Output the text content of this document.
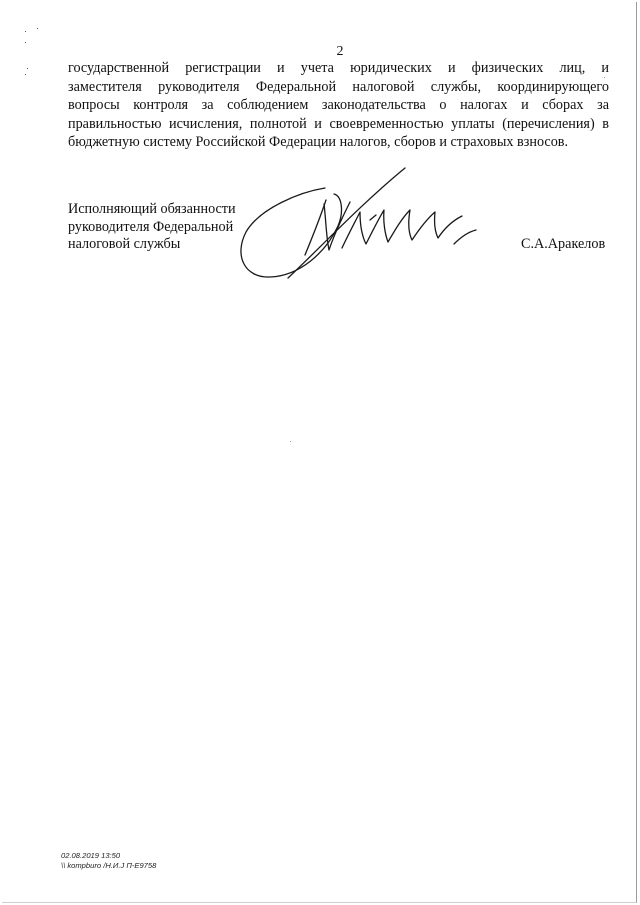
· ·
·
·
·
2

государственной регистрации и учета юридических и физических лиц, и
заместителя руководителя Федеральной налоговой службы, координирующего
вопросы контроля за соблюдением законодательства о налогах и сборах за
правильностью исчисления, полнотой и своевременностью уплаты (перечисления) в
бюджетную систему Российской Федерации налогов, сборов и страховых взносов.

Исполняющий обязанности
руководителя Федеральной
налоговой службы	С.А.Аракелов
02.08.2019 13:50
\\ kompburo /Н.И.Ј П-Е9758
